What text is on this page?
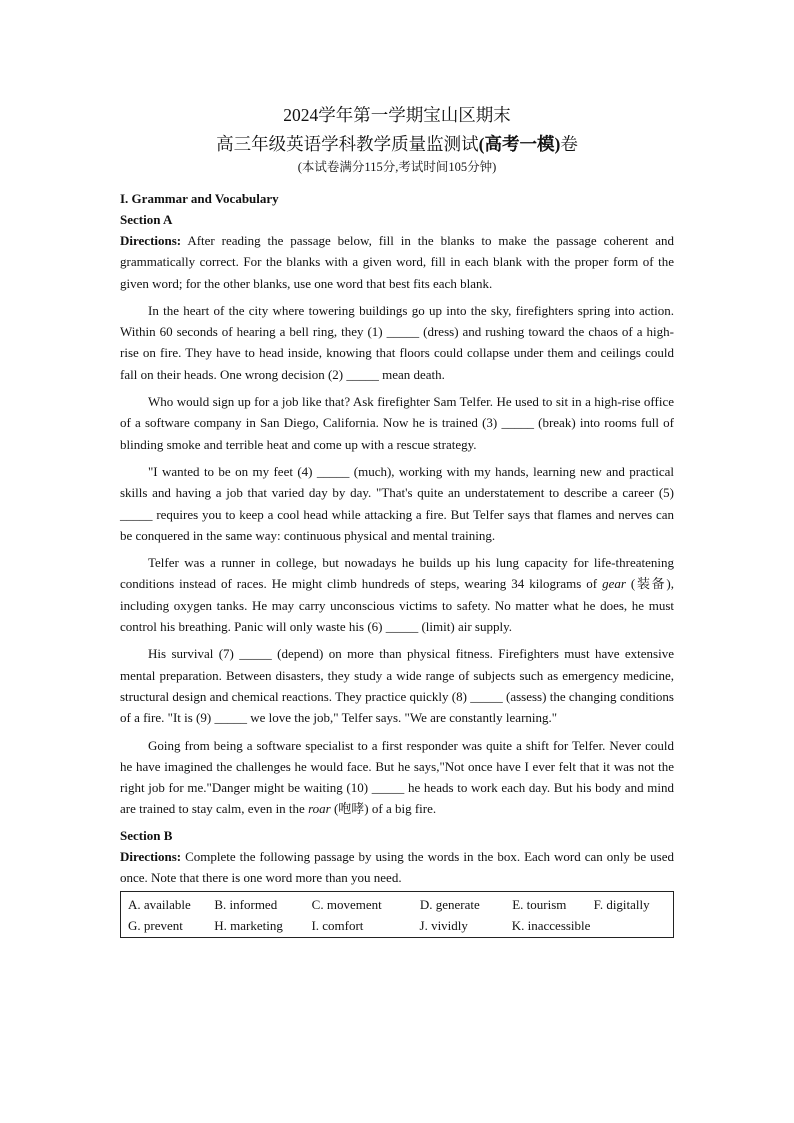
2024学年第一学期宝山区期末

高三年级英语学科教学质量监测试(高考一模)卷

(本试卷满分115分,考试时间105分钟)

I. Grammar and Vocabulary

Section A

Directions: After reading the passage below, fill in the blanks to make the passage coherent and grammatically correct. For the blanks with a given word, fill in each blank with the proper form of the given word; for the other blanks, use one word that best fits each blank.

In the heart of the city where towering buildings go up into the sky, firefighters spring into action. Within 60 seconds of hearing a bell ring, they (1) _____ (dress) and rushing toward the chaos of a high-rise on fire. They have to head inside, knowing that floors could collapse under them and ceilings could fall on their heads. One wrong decision (2) _____ mean death.

Who would sign up for a job like that? Ask firefighter Sam Telfer. He used to sit in a high-rise office of a software company in San Diego, California. Now he is trained (3) _____ (break) into rooms full of blinding smoke and terrible heat and come up with a rescue strategy.

"I wanted to be on my feet (4) _____ (much), working with my hands, learning new and practical skills and having a job that varied day by day. "That's quite an understatement to describe a career (5) _____ requires you to keep a cool head while attacking a fire. But Telfer says that flames and nerves can be conquered in the same way: continuous physical and mental training.

Telfer was a runner in college, but nowadays he builds up his lung capacity for life-threatening conditions instead of races. He might climb hundreds of steps, wearing 34 kilograms of gear (装备), including oxygen tanks. He may carry unconscious victims to safety. No matter what he does, he must control his breathing. Panic will only waste his (6) _____ (limit) air supply.

His survival (7) _____ (depend) on more than physical fitness. Firefighters must have extensive mental preparation. Between disasters, they study a wide range of subjects such as emergency medicine, structural design and chemical reactions. They practice quickly (8) _____ (assess) the changing conditions of a fire. "It is (9) _____ we love the job," Telfer says. "We are constantly learning."

Going from being a software specialist to a first responder was quite a shift for Telfer. Never could he have imagined the challenges he would face. But he says,"Not once have I ever felt that it was not the right job for me."Danger might be waiting (10) _____ he heads to work each day. But his body and mind are trained to stay calm, even in the roar (咆哮) of a big fire.

Section B

Directions: Complete the following passage by using the words in the box. Each word can only be used once. Note that there is one word more than you need.

A. available	B. informed	C. movement	D. generate	E. tourism	F. digitally
G. prevent	H. marketing	I. comfort	J. vividly	K. inaccessible
